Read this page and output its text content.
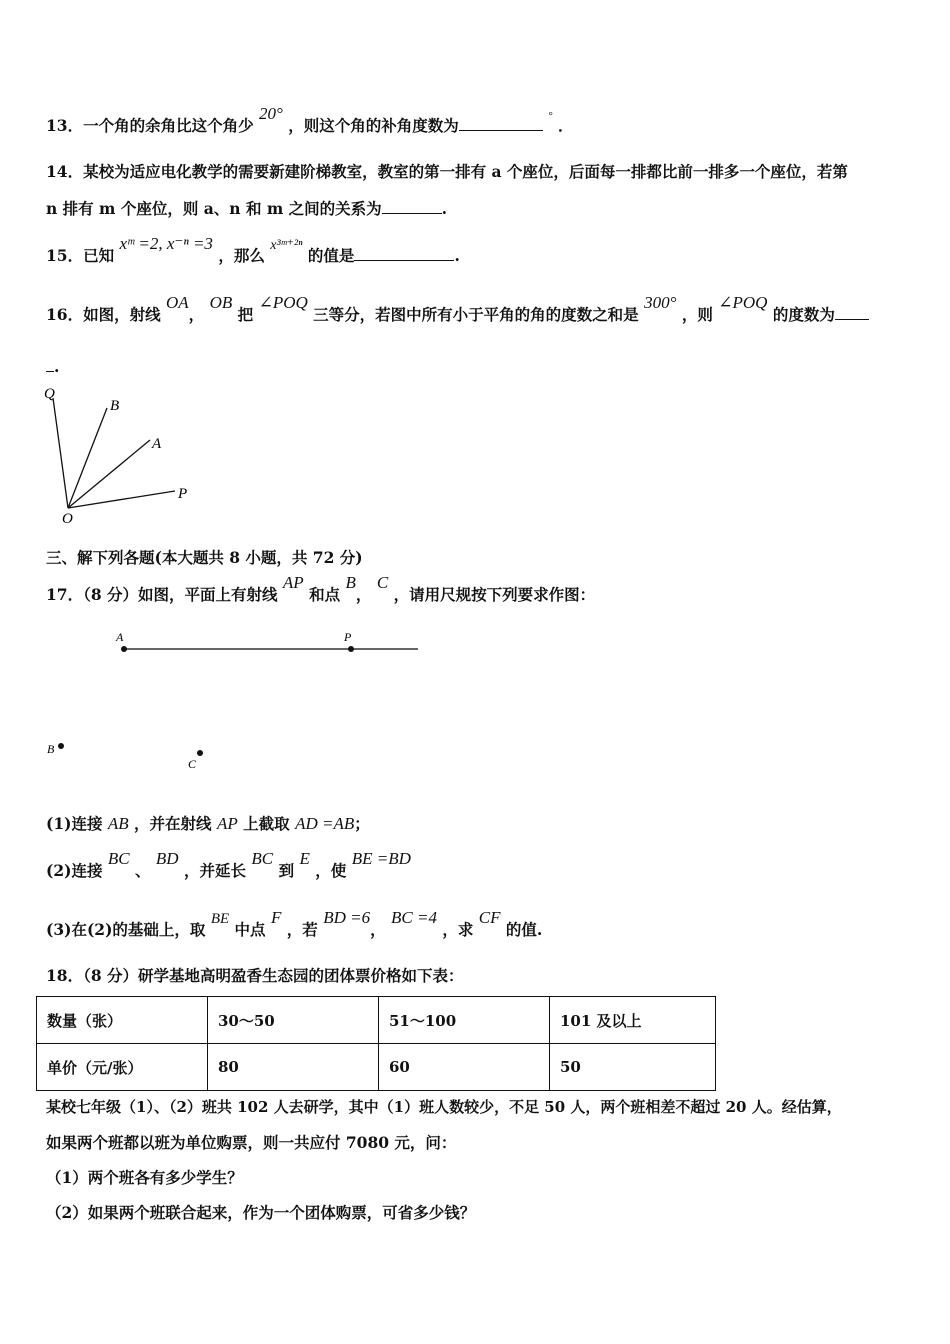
13．一个角的余角比这个角少 20° ，则这个角的补角度数为	° ．
14．某校为适应电化教学的需要新建阶梯教室，教室的第一排有 a 个座位，后面每一排都比前一排多一个座位，若第
n 排有 m 个座位，则 a、n 和 m 之间的关系为	.
15．已知 xᵐ =2, x⁻ⁿ =3 ，那么 x³ᵐ⁺²ⁿ 的值是	.
16．如图，射线 OA， OB 把 ∠POQ 三等分，若图中所有小于平角的角的度数之和是 300° ，则 ∠POQ 的度数为
.
Q
B
A
P
O
三、解下列各题(本大题共 8 小题，共 72 分)
17．（8 分）如图，平面上有射线 AP 和点 B， C ，请用尺规按下列要求作图：
A	P
B
C
(1)连接 AB ，并在射线 AP 上截取 AD =AB；
(2)连接 BC 、 BD ，并延长 BC 到 E ，使 BE =BD
(3)在(2)的基础上，取 BE 中点 F ，若 BD =6， BC =4 ，求 CF 的值.
18．（8 分）研学基地高明盈香生态园的团体票价格如下表：
数量（张）	30～50	51～100	101 及以上
单价（元/张）	80	60	50
某校七年级（1）、（2）班共 102 人去研学，其中（1）班人数较少，不足 50 人，两个班相差不超过 20 人。经估算，
如果两个班都以班为单位购票，则一共应付 7080 元，问：
（1）两个班各有多少学生？
（2）如果两个班联合起来，作为一个团体购票，可省多少钱？
